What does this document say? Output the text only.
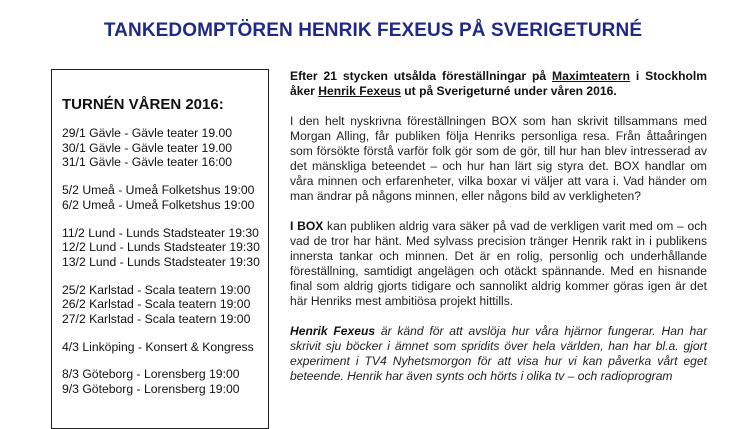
TANKEDOMPTÖREN HENRIK FEXEUS PÅ SVERIGETURNÉ
TURNÉN VÅREN 2016:
29/1 Gävle - Gävle teater 19.00
30/1 Gävle - Gävle teater 19.00
31/1 Gävle - Gävle teater 16:00
5/2 Umeå - Umeå Folketshus 19:00
6/2 Umeå - Umeå Folketshus 19:00
11/2 Lund - Lunds Stadsteater 19:30
12/2 Lund - Lunds Stadsteater 19:30
13/2 Lund - Lunds Stadsteater 19:30
25/2 Karlstad - Scala teatern 19:00
26/2 Karlstad - Scala teatern 19:00
27/2 Karlstad - Scala teatern 19:00
4/3 Linköping - Konsert & Kongress
8/3 Göteborg - Lorensberg 19:00
9/3 Göteborg - Lorensberg 19:00

Efter 21 stycken utsålda föreställningar på Maximteatern i Stockholm åker Henrik Fexeus ut på Sverigeturné under våren 2016.

I den helt nyskrivna föreställningen BOX som han skrivit tillsammans med Morgan Alling, får publiken följa Henriks personliga resa. Från åttaåringen som försökte förstå varför folk gör som de gör, till hur han blev intresserad av det mänskliga beteendet – och hur han lärt sig styra det. BOX handlar om våra minnen och erfarenheter, vilka boxar vi väljer att vara i. Vad händer om man ändrar på någons minnen, eller någons bild av verkligheten?

I BOX kan publiken aldrig vara säker på vad de verkligen varit med om – och vad de tror har hänt. Med sylvass precision tränger Henrik rakt in i publikens innersta tankar och minnen. Det är en rolig, personlig och underhållande föreställning, samtidigt angelägen och otäckt spännande. Med en hisnande final som aldrig gjorts tidigare och sannolikt aldrig kommer göras igen är det här Henriks mest ambitiösa projekt hittills.

Henrik Fexeus är känd för att avslöja hur våra hjärnor fungerar. Han har skrivit sju böcker i ämnet som spridits över hela världen, han har bl.a. gjort experiment i TV4 Nyhetsmorgon för att visa hur vi kan påverka vårt eget beteende. Henrik har även synts och hörts i olika tv – och radioprogram
